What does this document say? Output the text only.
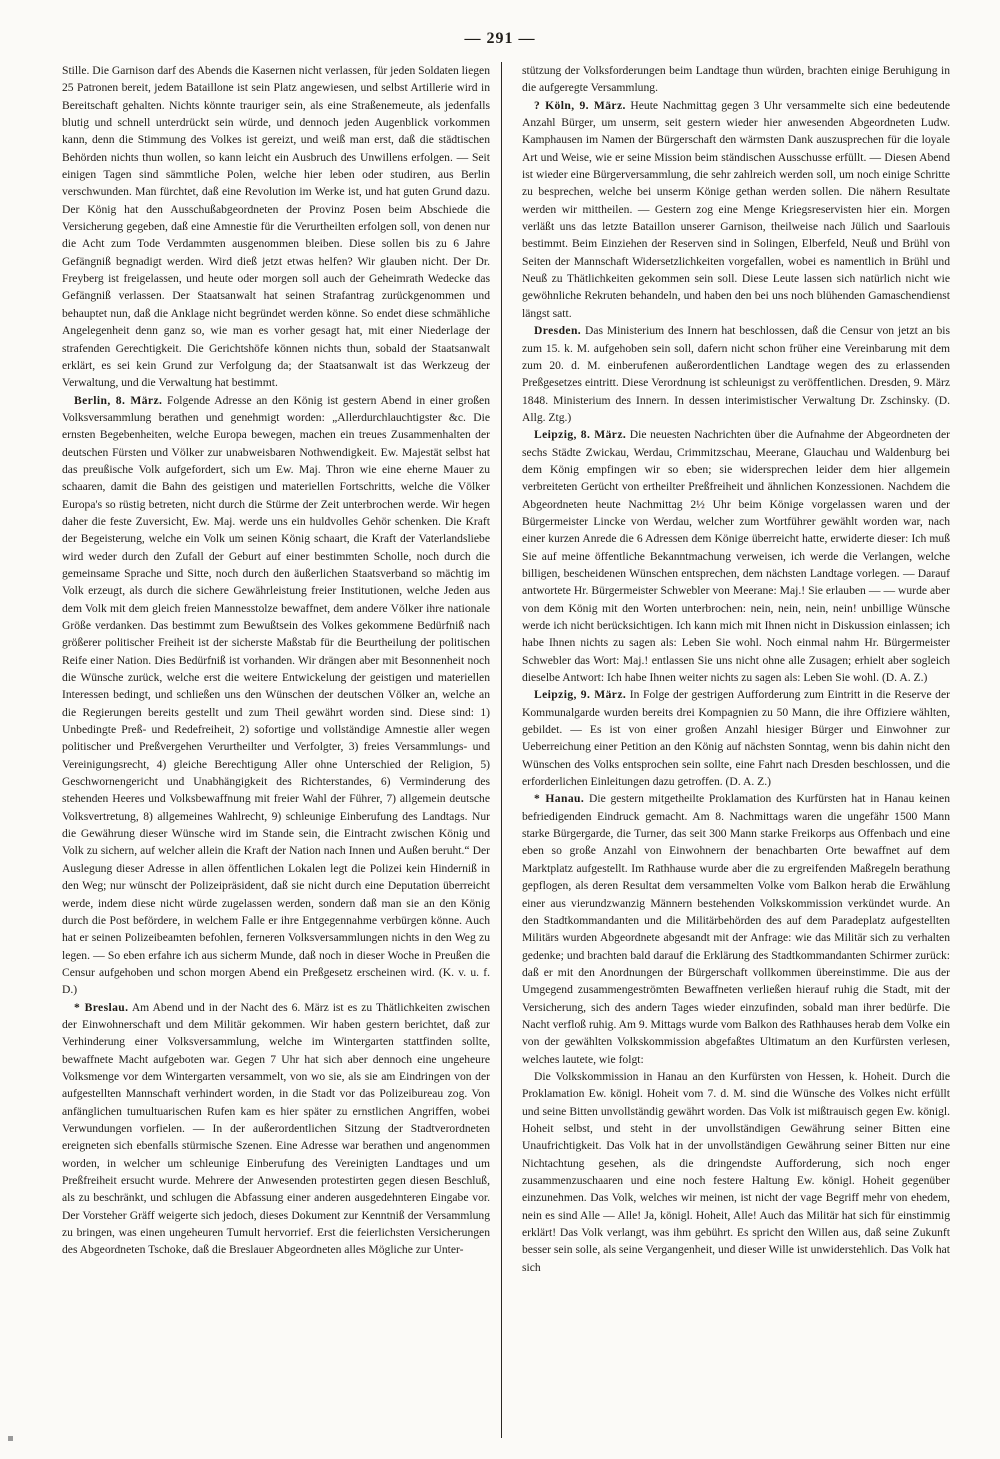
— 291 —

Stille. Die Garnison darf des Abends die Kasernen nicht verlassen, für jeden Soldaten liegen 25 Patronen bereit, jedem Bataillone ist sein Platz angewiesen, und selbst Artillerie wird in Bereitschaft gehalten. Nichts könnte trauriger sein, als eine Straßenemeute, als jedenfalls blutig und schnell unterdrückt sein würde, und dennoch jeden Augenblick vorkommen kann, denn die Stimmung des Volkes ist gereizt, und weiß man erst, daß die städtischen Behörden nichts thun wollen, so kann leicht ein Ausbruch des Unwillens erfolgen. — Seit einigen Tagen sind sämmtliche Polen, welche hier leben oder studiren, aus Berlin verschwunden. Man fürchtet, daß eine Revolution im Werke ist, und hat guten Grund dazu. Der König hat den Ausschußabgeordneten der Provinz Posen beim Abschiede die Versicherung gegeben, daß eine Amnestie für die Verurtheilten erfolgen soll, von denen nur die Acht zum Tode Verdammten ausgenommen bleiben. Diese sollen bis zu 6 Jahre Gefängniß begnadigt werden. Wird dieß jetzt etwas helfen? Wir glauben nicht. Der Dr. Freyberg ist freigelassen, und heute oder morgen soll auch der Geheimrath Wedecke das Gefängniß verlassen. Der Staatsanwalt hat seinen Strafantrag zurückgenommen und behauptet nun, daß die Anklage nicht begründet werden könne. So endet diese schmähliche Angelegenheit denn ganz so, wie man es vorher gesagt hat, mit einer Niederlage der strafenden Gerechtigkeit. Die Gerichtshöfe können nichts thun, sobald der Staatsanwalt erklärt, es sei kein Grund zur Verfolgung da; der Staatsanwalt ist das Werkzeug der Verwaltung, und die Verwaltung hat bestimmt.

Berlin, 8. März. Folgende Adresse an den König ist gestern Abend in einer großen Volksversammlung berathen und genehmigt worden: „Allerdurchlauchtigster &c. Die ernsten Begebenheiten, welche Europa bewegen, machen ein treues Zusammenhalten der deutschen Fürsten und Völker zur unabweisbaren Nothwendigkeit. Ew. Majestät selbst hat das preußische Volk aufgefordert, sich um Ew. Maj. Thron wie eine eherne Mauer zu schaaren, damit die Bahn des geistigen und materiellen Fortschritts, welche die Völker Europa's so rüstig betreten, nicht durch die Stürme der Zeit unterbrochen werde. Wir hegen daher die feste Zuversicht, Ew. Maj. werde uns ein huldvolles Gehör schenken. Die Kraft der Begeisterung, welche ein Volk um seinen König schaart, die Kraft der Vaterlandsliebe wird weder durch den Zufall der Geburt auf einer bestimmten Scholle, noch durch die gemeinsame Sprache und Sitte, noch durch den äußerlichen Staatsverband so mächtig im Volk erzeugt, als durch die sichere Gewährleistung freier Institutionen, welche Jeden aus dem Volk mit dem gleich freien Mannesstolze bewaffnet, dem andere Völker ihre nationale Größe verdanken. Das bestimmt zum Bewußtsein des Volkes gekommene Bedürfniß nach größerer politischer Freiheit ist der sicherste Maßstab für die Beurtheilung der politischen Reife einer Nation. Dies Bedürfniß ist vorhanden. Wir drängen aber mit Besonnenheit noch die Wünsche zurück, welche erst die weitere Entwickelung der geistigen und materiellen Interessen bedingt, und schließen uns den Wünschen der deutschen Völker an, welche an die Regierungen bereits gestellt und zum Theil gewährt worden sind. Diese sind: 1) Unbedingte Preß- und Redefreiheit, 2) sofortige und vollständige Amnestie aller wegen politischer und Preßvergehen Verurtheilter und Verfolgter, 3) freies Versammlungs- und Vereinigungsrecht, 4) gleiche Berechtigung Aller ohne Unterschied der Religion, 5) Geschwornengericht und Unabhängigkeit des Richterstandes, 6) Verminderung des stehenden Heeres und Volksbewaffnung mit freier Wahl der Führer, 7) allgemein deutsche Volksvertretung, 8) allgemeines Wahlrecht, 9) schleunige Einberufung des Landtags. Nur die Gewährung dieser Wünsche wird im Stande sein, die Eintracht zwischen König und Volk zu sichern, auf welcher allein die Kraft der Nation nach Innen und Außen beruht.“ Der Auslegung dieser Adresse in allen öffentlichen Lokalen legt die Polizei kein Hinderniß in den Weg; nur wünscht der Polizeipräsident, daß sie nicht durch eine Deputation überreicht werde, indem diese nicht würde zugelassen werden, sondern daß man sie an den König durch die Post befördere, in welchem Falle er ihre Entgegennahme verbürgen könne. Auch hat er seinen Polizeibeamten befohlen, ferneren Volksversammlungen nichts in den Weg zu legen. — So eben erfahre ich aus sicherm Munde, daß noch in dieser Woche in Preußen die Censur aufgehoben und schon morgen Abend ein Preßgesetz erscheinen wird. (K. v. u. f. D.)

* Breslau. Am Abend und in der Nacht des 6. März ist es zu Thätlichkeiten zwischen der Einwohnerschaft und dem Militär gekommen. Wir haben gestern berichtet, daß zur Verhinderung einer Volksversammlung, welche im Wintergarten stattfinden sollte, bewaffnete Macht aufgeboten war. Gegen 7 Uhr hat sich aber dennoch eine ungeheure Volksmenge vor dem Wintergarten versammelt, von wo sie, als sie am Eindringen von der aufgestellten Mannschaft verhindert worden, in die Stadt vor das Polizeibureau zog. Von anfänglichen tumultuarischen Rufen kam es hier später zu ernstlichen Angriffen, wobei Verwundungen vorfielen. — In der außerordentlichen Sitzung der Stadtverordneten ereigneten sich ebenfalls stürmische Szenen. Eine Adresse war berathen und angenommen worden, in welcher um schleunige Einberufung des Vereinigten Landtages und um Preßfreiheit ersucht wurde. Mehrere der Anwesenden protestirten gegen diesen Beschluß, als zu beschränkt, und schlugen die Abfassung einer anderen ausgedehnteren Eingabe vor. Der Vorsteher Gräff weigerte sich jedoch, dieses Dokument zur Kenntniß der Versammlung zu bringen, was einen ungeheuren Tumult hervorrief. Erst die feierlichsten Versicherungen des Abgeordneten Tschoke, daß die Breslauer Abgeordneten alles Mögliche zur Unter-

stützung der Volksforderungen beim Landtage thun würden, brachten einige Beruhigung in die aufgeregte Versammlung.

? Köln, 9. März. Heute Nachmittag gegen 3 Uhr versammelte sich eine bedeutende Anzahl Bürger, um unserm, seit gestern wieder hier anwesenden Abgeordneten Ludw. Kamphausen im Namen der Bürgerschaft den wärmsten Dank auszusprechen für die loyale Art und Weise, wie er seine Mission beim ständischen Ausschusse erfüllt. — Diesen Abend ist wieder eine Bürgerversammlung, die sehr zahlreich werden soll, um noch einige Schritte zu besprechen, welche bei unserm Könige gethan werden sollen. Die nähern Resultate werden wir mittheilen. — Gestern zog eine Menge Kriegsreservisten hier ein. Morgen verläßt uns das letzte Bataillon unserer Garnison, theilweise nach Jülich und Saarlouis bestimmt. Beim Einziehen der Reserven sind in Solingen, Elberfeld, Neuß und Brühl von Seiten der Mannschaft Widersetzlichkeiten vorgefallen, wobei es namentlich in Brühl und Neuß zu Thätlichkeiten gekommen sein soll. Diese Leute lassen sich natürlich nicht wie gewöhnliche Rekruten behandeln, und haben den bei uns noch blühenden Gamaschendienst längst satt.

Dresden. Das Ministerium des Innern hat beschlossen, daß die Censur von jetzt an bis zum 15. k. M. aufgehoben sein soll, dafern nicht schon früher eine Vereinbarung mit dem zum 20. d. M. einberufenen außerordentlichen Landtage wegen des zu erlassenden Preßgesetzes eintritt. Diese Verordnung ist schleunigst zu veröffentlichen. Dresden, 9. März 1848. Ministerium des Innern. In dessen interimistischer Verwaltung Dr. Zschinsky. (D. Allg. Ztg.)

Leipzig, 8. März. Die neuesten Nachrichten über die Aufnahme der Abgeordneten der sechs Städte Zwickau, Werdau, Crimmitzschau, Meerane, Glauchau und Waldenburg bei dem König empfingen wir so eben; sie widersprechen leider dem hier allgemein verbreiteten Gerücht von ertheilter Preßfreiheit und ähnlichen Konzessionen. Nachdem die Abgeordneten heute Nachmittag 2½ Uhr beim Könige vorgelassen waren und der Bürgermeister Lincke von Werdau, welcher zum Wortführer gewählt worden war, nach einer kurzen Anrede die 6 Adressen dem Könige überreicht hatte, erwiderte dieser: Ich muß Sie auf meine öffentliche Bekanntmachung verweisen, ich werde die Verlangen, welche billigen, bescheidenen Wünschen entsprechen, dem nächsten Landtage vorlegen. — Darauf antwortete Hr. Bürgermeister Schwebler von Meerane: Maj.! Sie erlauben — — wurde aber von dem König mit den Worten unterbrochen: nein, nein, nein, nein! unbillige Wünsche werde ich nicht berücksichtigen. Ich kann mich mit Ihnen nicht in Diskussion einlassen; ich habe Ihnen nichts zu sagen als: Leben Sie wohl. Noch einmal nahm Hr. Bürgermeister Schwebler das Wort: Maj.! entlassen Sie uns nicht ohne alle Zusagen; erhielt aber sogleich dieselbe Antwort: Ich habe Ihnen weiter nichts zu sagen als: Leben Sie wohl. (D. A. Z.)

Leipzig, 9. März. In Folge der gestrigen Aufforderung zum Eintritt in die Reserve der Kommunalgarde wurden bereits drei Kompagnien zu 50 Mann, die ihre Offiziere wählten, gebildet. — Es ist von einer großen Anzahl hiesiger Bürger und Einwohner zur Ueberreichung einer Petition an den König auf nächsten Sonntag, wenn bis dahin nicht den Wünschen des Volks entsprochen sein sollte, eine Fahrt nach Dresden beschlossen, und die erforderlichen Einleitungen dazu getroffen. (D. A. Z.)

* Hanau. Die gestern mitgetheilte Proklamation des Kurfürsten hat in Hanau keinen befriedigenden Eindruck gemacht. Am 8. Nachmittags waren die ungefähr 1500 Mann starke Bürgergarde, die Turner, das seit 300 Mann starke Freikorps aus Offenbach und eine eben so große Anzahl von Einwohnern der benachbarten Orte bewaffnet auf dem Marktplatz aufgestellt. Im Rathhause wurde aber die zu ergreifenden Maßregeln berathung gepflogen, als deren Resultat dem versammelten Volke vom Balkon herab die Erwählung einer aus vierundzwanzig Männern bestehenden Volkskommission verkündet wurde. An den Stadtkommandanten und die Militärbehörden des auf dem Paradeplatz aufgestellten Militärs wurden Abgeordnete abgesandt mit der Anfrage: wie das Militär sich zu verhalten gedenke; und brachten bald darauf die Erklärung des Stadtkommandanten Schirmer zurück: daß er mit den Anordnungen der Bürgerschaft vollkommen übereinstimme. Die aus der Umgegend zusammengeströmten Bewaffneten verließen hierauf ruhig die Stadt, mit der Versicherung, sich des andern Tages wieder einzufinden, sobald man ihrer bedürfe. Die Nacht verfloß ruhig. Am 9. Mittags wurde vom Balkon des Rathhauses herab dem Volke ein von der gewählten Volkskommission abgefaßtes Ultimatum an den Kurfürsten verlesen, welches lautete, wie folgt:

Die Volkskommission in Hanau an den Kurfürsten von Hessen, k. Hoheit. Durch die Proklamation Ew. königl. Hoheit vom 7. d. M. sind die Wünsche des Volkes nicht erfüllt und seine Bitten unvollständig gewährt worden. Das Volk ist mißtrauisch gegen Ew. königl. Hoheit selbst, und steht in der unvollständigen Gewährung seiner Bitten eine Unaufrichtigkeit. Das Volk hat in der unvollständigen Gewährung seiner Bitten nur eine Nichtachtung gesehen, als die dringendste Aufforderung, sich noch enger zusammenzuschaaren und eine noch festere Haltung Ew. königl. Hoheit gegenüber einzunehmen. Das Volk, welches wir meinen, ist nicht der vage Begriff mehr von ehedem, nein es sind Alle — Alle! Ja, königl. Hoheit, Alle! Auch das Militär hat sich für einstimmig erklärt! Das Volk verlangt, was ihm gebührt. Es spricht den Willen aus, daß seine Zukunft besser sein solle, als seine Vergangenheit, und dieser Wille ist unwiderstehlich. Das Volk hat sich
